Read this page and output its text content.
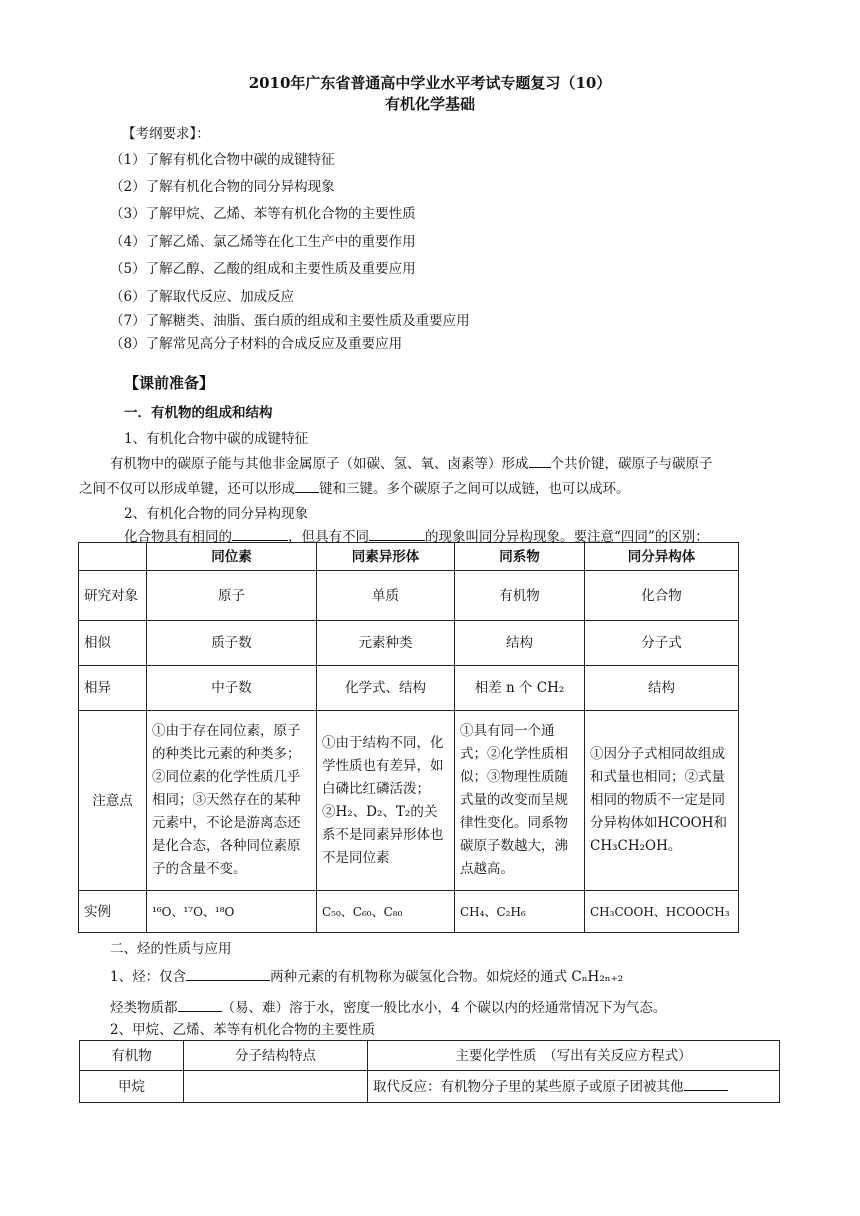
2010年广东省普通高中学业水平考试专题复习（10）
有机化学基础
【考纲要求】：
（1）了解有机化合物中碳的成键特征
（2）了解有机化合物的同分异构现象
（3）了解甲烷、乙烯、苯等有机化合物的主要性质
（4）了解乙烯、氯乙烯等在化工生产中的重要作用
（5）了解乙醇、乙酸的组成和主要性质及重要应用
（6）了解取代反应、加成反应
（7）了解糖类、油脂、蛋白质的组成和主要性质及重要应用
（8）了解常见高分子材料的合成反应及重要应用
【课前准备】
一．有机物的组成和结构
1、有机化合物中碳的成键特征
有机物中的碳原子能与其他非金属原子（如碳、氢、氧、卤素等）形成 个共价键，碳原子与碳原子
之间不仅可以形成单键，还可以形成 键和三键。多个碳原子之间可以成链，也可以成环。
2、有机化合物的同分异构现象
化合物具有相同的	，但具有不同	的现象叫同分异构现象。要注意“四同”的区别：
	同位素	同素异形体	同系物	同分异构体
研究对象	原子	单质	有机物	化合物
相似	质子数	元素种类	结构	分子式
相异	中子数	化学式、结构	相差 n 个 CH₂	结构
注意点	①由于存在同位素，原子的种类比元素的种类多；②同位素的化学性质几乎相同；③天然存在的某种元素中，不论是游离态还是化合态，各种同位素原子的含量不变。	①由于结构不同，化学性质也有差异，如白磷比红磷活泼；②H₂、D₂、T₂的关系不是同素异形体也不是同位素	①具有同一个通式；②化学性质相似；③物理性质随式量的改变而呈规律性变化。同系物碳原子数越大，沸点越高。	①因分子式相同故组成和式量也相同；②式量相同的物质不一定是同分异构体如HCOOH和 CH₃CH₂OH。
实例	¹⁶O、¹⁷O、¹⁸O	C₅₀、C₆₀、C₈₀	CH₄、C₂H₆	CH₃COOH、HCOOCH₃
二、烃的性质与应用
1、烃：仅含	两种元素的有机物称为碳氢化合物。如烷烃的通式 CₙH₂ₙ₊₂
烃类物质都	（易、难）溶于水，密度一般比水小，4 个碳以内的烃通常情况下为气态。
2、甲烷、乙烯、苯等有机化合物的主要性质
有机物	分子结构特点	主要化学性质　（写出有关反应方程式）
甲烷		取代反应：有机物分子里的某些原子或原子团被其他
